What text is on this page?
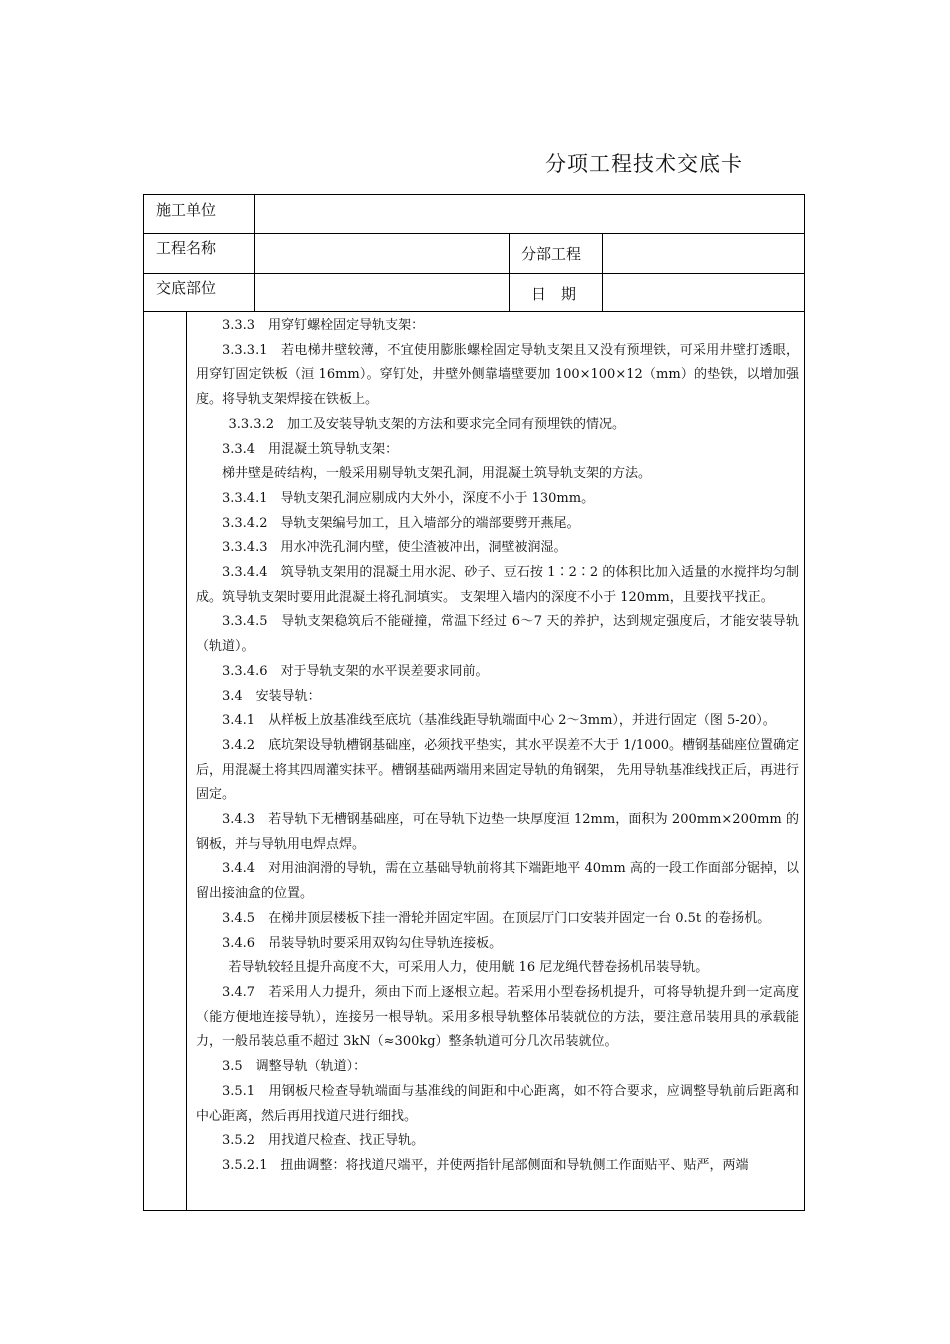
分项工程技术交底卡
施工单位
工程名称	分部工程
交底部位	日　期

3.3.3　用穿钉螺栓固定导轨支架：

3.3.3.1　若电梯井壁较薄，不宜使用膨胀螺栓固定导轨支架且又没有预埋铁，可采用井壁打透眼，用穿钉固定铁板（洹 16mm）。穿钉处，井壁外侧靠墙壁要加 100×100×12（mm）的垫铁，以增加强度。将导轨支架焊接在铁板上。

3.3.3.2　加工及安装导轨支架的方法和要求完全同有预埋铁的情况。

3.3.4　用混凝土筑导轨支架：

梯井壁是砖结构，一般采用剔导轨支架孔洞，用混凝土筑导轨支架的方法。

3.3.4.1　导轨支架孔洞应剔成内大外小，深度不小于 130mm。

3.3.4.2　导轨支架编号加工，且入墙部分的端部要劈开燕尾。

3.3.4.3　用水冲洗孔洞内壁，使尘渣被冲出，洞壁被润湿。

3.3.4.4　筑导轨支架用的混凝土用水泥、砂子、豆石按 1∶2∶2 的体积比加入适量的水搅拌均匀制成。筑导轨支架时要用此混凝土将孔洞填实。 支架埋入墙内的深度不小于 120mm，且要找平找正。

3.3.4.5　导轨支架稳筑后不能碰撞，常温下经过 6～7 天的养护，达到规定强度后，才能安装导轨（轨道）。

3.3.4.6　对于导轨支架的水平误差要求同前。

3.4　安装导轨：

3.4.1　从样板上放基准线至底坑（基准线距导轨端面中心 2～3mm），并进行固定（图 5-20）。

3.4.2　底坑架设导轨槽钢基础座，必须找平垫实，其水平误差不大于 1/1000。槽钢基础座位置确定后，用混凝土将其四周灌实抹平。槽钢基础两端用来固定导轨的角钢架， 先用导轨基准线找正后，再进行固定。

3.4.3　若导轨下无槽钢基础座，可在导轨下边垫一块厚度洹 12mm，面积为 200mm×200mm 的钢板，并与导轨用电焊点焊。

3.4.4　对用油润滑的导轨，需在立基础导轨前将其下端距地平 40mm 高的一段工作面部分锯掉，以留出接油盒的位置。

3.4.5　在梯井顶层楼板下挂一滑轮并固定牢固。在顶层厅门口安装并固定一台 0.5t 的卷扬机。

3.4.6　吊装导轨时要采用双钩勾住导轨连接板。

若导轨较轻且提升高度不大，可采用人力，使用觥 16 尼龙绳代替卷扬机吊装导轨。

3.4.7　若采用人力提升，须由下而上逐根立起。若采用小型卷扬机提升，可将导轨提升到一定高度（能方便地连接导轨），连接另一根导轨。采用多根导轨整体吊装就位的方法，要注意吊装用具的承载能力，一般吊装总重不超过 3kN（≈300kg）整条轨道可分几次吊装就位。

3.5　调整导轨（轨道）：

3.5.1　用钢板尺检查导轨端面与基准线的间距和中心距离，如不符合要求，应调整导轨前后距离和中心距离，然后再用找道尺进行细找。

3.5.2　用找道尺检查、找正导轨。

3.5.2.1　扭曲调整：将找道尺端平，并使两指针尾部侧面和导轨侧工作面贴平、贴严，两端
